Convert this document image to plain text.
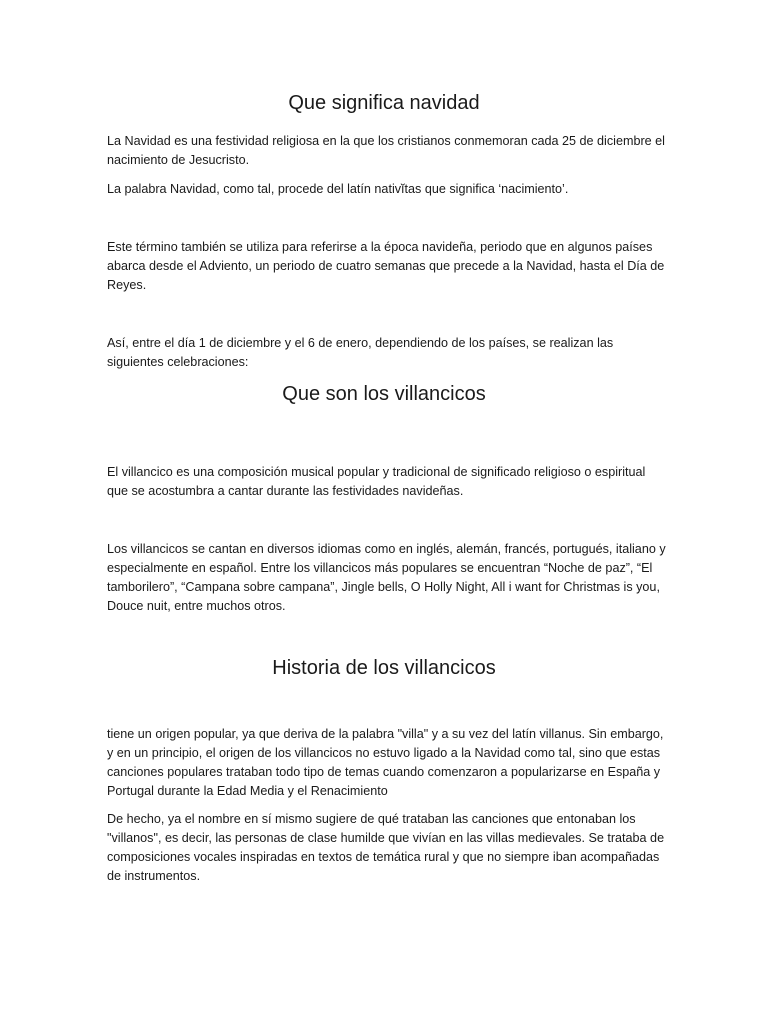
Que significa navidad

La Navidad es una festividad religiosa en la que los cristianos conmemoran cada 25 de diciembre el nacimiento de Jesucristo.

La palabra Navidad, como tal, procede del latín nativĭtas que significa ‘nacimiento’.

Este término también se utiliza para referirse a la época navideña, periodo que en algunos países abarca desde el Adviento, un periodo de cuatro semanas que precede a la Navidad, hasta el Día de Reyes.

Así, entre el día 1 de diciembre y el 6 de enero, dependiendo de los países, se realizan las siguientes celebraciones:

Que son los villancicos

El villancico es una composición musical popular y tradicional de significado religioso o espiritual que se acostumbra a cantar durante las festividades navideñas.

Los villancicos se cantan en diversos idiomas como en inglés, alemán, francés, portugués, italiano y especialmente en español. Entre los villancicos más populares se encuentran “Noche de paz”, “El tamborilero”, “Campana sobre campana”, Jingle bells, O Holly Night, All i want for Christmas is you, Douce nuit, entre muchos otros.

Historia de los villancicos

tiene un origen popular, ya que deriva de la palabra "villa" y a su vez del latín villanus. Sin embargo, y en un principio, el origen de los villancicos no estuvo ligado a la Navidad como tal, sino que estas canciones populares trataban todo tipo de temas cuando comenzaron a popularizarse en España y Portugal durante la Edad Media y el Renacimiento

De hecho, ya el nombre en sí mismo sugiere de qué trataban las canciones que entonaban los "villanos", es decir, las personas de clase humilde que vivían en las villas medievales. Se trataba de composiciones vocales inspiradas en textos de temática rural y que no siempre iban acompañadas de instrumentos.
